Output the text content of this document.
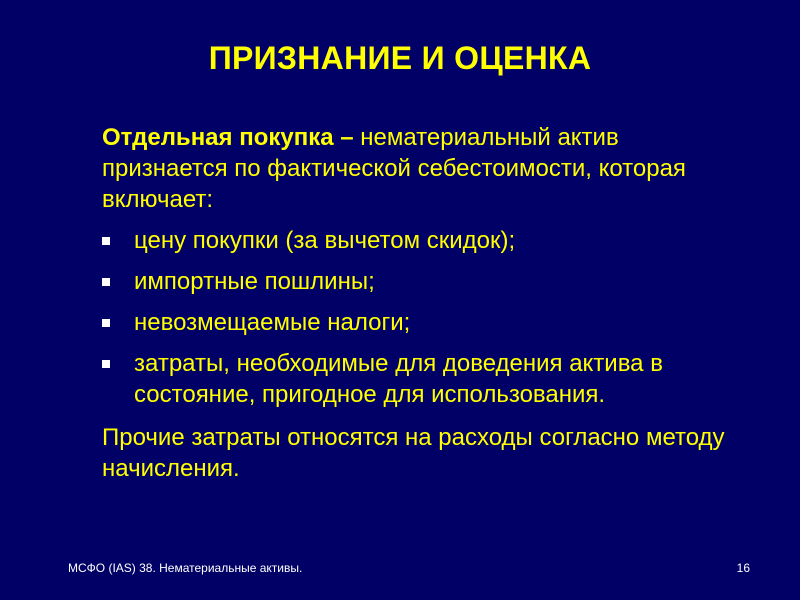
ПРИЗНАНИЕ И ОЦЕНКА

Отдельная покупка – нематериальный актив признается по фактической себестоимости, которая включает:

цену покупки (за вычетом скидок);
импортные пошлины;
невозмещаемые налоги;
затраты, необходимые для доведения актива в состояние, пригодное для использования.

Прочие затраты относятся на расходы согласно методу начисления.

МСФО (IAS) 38. Нематериальные активы.	16
